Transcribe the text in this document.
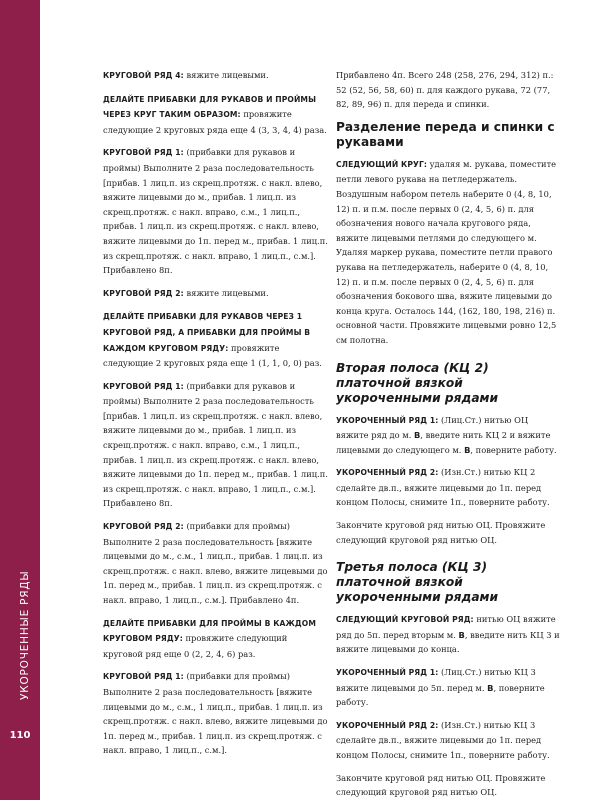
УКОРОЧЕННЫЕ РЯДЫ
110

КРУГОВОЙ РЯД 4: вяжите лицевыми.

ДЕЛАЙТЕ ПРИБАВКИ ДЛЯ РУКАВОВ И ПРОЙМЫ ЧЕРЕЗ КРУГ ТАКИМ ОБРАЗОМ: провяжите следующие 2 круговых ряда еще 4 (3, 3, 4, 4) раза.

КРУГОВОЙ РЯД 1: (прибавки для рукавов и проймы) Выполните 2 раза последовательность [прибав. 1 лиц.п. из скрещ.протяж. с накл. влево, вяжите лицевыми до м., прибав. 1 лиц.п. из скрещ.протяж. с накл. вправо, с.м., 1 лиц.п., прибав. 1 лиц.п. из скрещ.протяж. с накл. влево, вяжите лицевыми до 1п. перед м., прибав. 1 лиц.п. из скрещ.протяж. с накл. вправо, 1 лиц.п., с.м.]. Прибавлено 8п.

КРУГОВОЙ РЯД 2: вяжите лицевыми.

ДЕЛАЙТЕ ПРИБАВКИ ДЛЯ РУКАВОВ ЧЕРЕЗ 1 КРУГОВОЙ РЯД, А ПРИБАВКИ ДЛЯ ПРОЙМЫ В КАЖДОМ КРУГОВОМ РЯДУ: провяжите следующие 2 круговых ряда еще 1 (1, 1, 0, 0) раз.

КРУГОВОЙ РЯД 1: (прибавки для рукавов и проймы) Выполните 2 раза последовательность [прибав. 1 лиц.п. из скрещ.протяж. с накл. влево, вяжите лицевыми до м., прибав. 1 лиц.п. из скрещ.протяж. с накл. вправо, с.м., 1 лиц.п., прибав. 1 лиц.п. из скрещ.протяж. с накл. влево, вяжите лицевыми до 1п. перед м., прибав. 1 лиц.п. из скрещ.протяж. с накл. вправо, 1 лиц.п., с.м.]. Прибавлено 8п.

КРУГОВОЙ РЯД 2: (прибавки для проймы) Выполните 2 раза последовательность [вяжите лицевыми до м., с.м., 1 лиц.п., прибав. 1 лиц.п. из скрещ.протяж. с накл. влево, вяжите лицевыми до 1п. перед м., прибав. 1 лиц.п. из скрещ.протяж. с накл. вправо, 1 лиц.п., с.м.]. Прибавлено 4п.

ДЕЛАЙТЕ ПРИБАВКИ ДЛЯ ПРОЙМЫ В КАЖДОМ КРУГОВОМ РЯДУ: провяжите следующий круговой ряд еще 0 (2, 2, 4, 6) раз.

КРУГОВОЙ РЯД 1: (прибавки для проймы) Выполните 2 раза последовательность [вяжите лицевыми до м., с.м., 1 лиц.п., прибав. 1 лиц.п. из скрещ.протяж. с накл. влево, вяжите лицевыми до 1п. перед м., прибав. 1 лиц.п. из скрещ.протяж. с накл. вправо, 1 лиц.п., с.м.].

Прибавлено 4п. Всего 248 (258, 276, 294, 312) п.: 52 (52, 56, 58, 60) п. для каждого рукава, 72 (77, 82, 89, 96) п. для переда и спинки.

Разделение переда и спинки с рукавами

СЛЕДУЮЩИЙ КРУГ: удаляя м. рукава, поместите петли левого рукава на петледержатель. Воздушным набором петель наберите 0 (4, 8, 10, 12) п. и п.м. после первых 0 (2, 4, 5, 6) п. для обозначения нового начала кругового ряда, вяжите лицевыми петлями до следующего м. Удаляя маркер рукава, поместите петли правого рукава на петледержатель, наберите 0 (4, 8, 10, 12) п. и п.м. после первых 0 (2, 4, 5, 6) п. для обозначения бокового шва, вяжите лицевыми до конца круга. Осталось 144, (162, 180, 198, 216) п. основной части. Провяжите лицевыми ровно 12,5 см полотна.

Вторая полоса (КЦ 2) платочной вязкой укороченными рядами

УКОРОЧЕННЫЙ РЯД 1: (Лиц.Ст.) нитью ОЦ вяжите ряд до м. B, введите нить КЦ 2 и вяжите лицевыми до следующего м. B, поверните работу.

УКОРОЧЕННЫЙ РЯД 2: (Изн.Ст.) нитью КЦ 2 сделайте дв.п., вяжите лицевыми до 1п. перед концом Полосы, снимите 1п., поверните работу.

Закончите круговой ряд нитью ОЦ. Провяжите следующий круговой ряд нитью ОЦ.

Третья полоса (КЦ 3) платочной вязкой укороченными рядами

СЛЕДУЮЩИЙ КРУГОВОЙ РЯД: нитью ОЦ вяжите ряд до 5п. перед вторым м. B, введите нить КЦ 3 и вяжите лицевыми до конца.

УКОРОЧЕННЫЙ РЯД 1: (Лиц.Ст.) нитью КЦ 3 вяжите лицевыми до 5п. перед м. B, поверните работу.

УКОРОЧЕННЫЙ РЯД 2: (Изн.Ст.) нитью КЦ 3 сделайте дв.п., вяжите лицевыми до 1п. перед концом Полосы, снимите 1п., поверните работу.

Закончите круговой ряд нитью ОЦ. Провяжите следующий круговой ряд нитью ОЦ.
